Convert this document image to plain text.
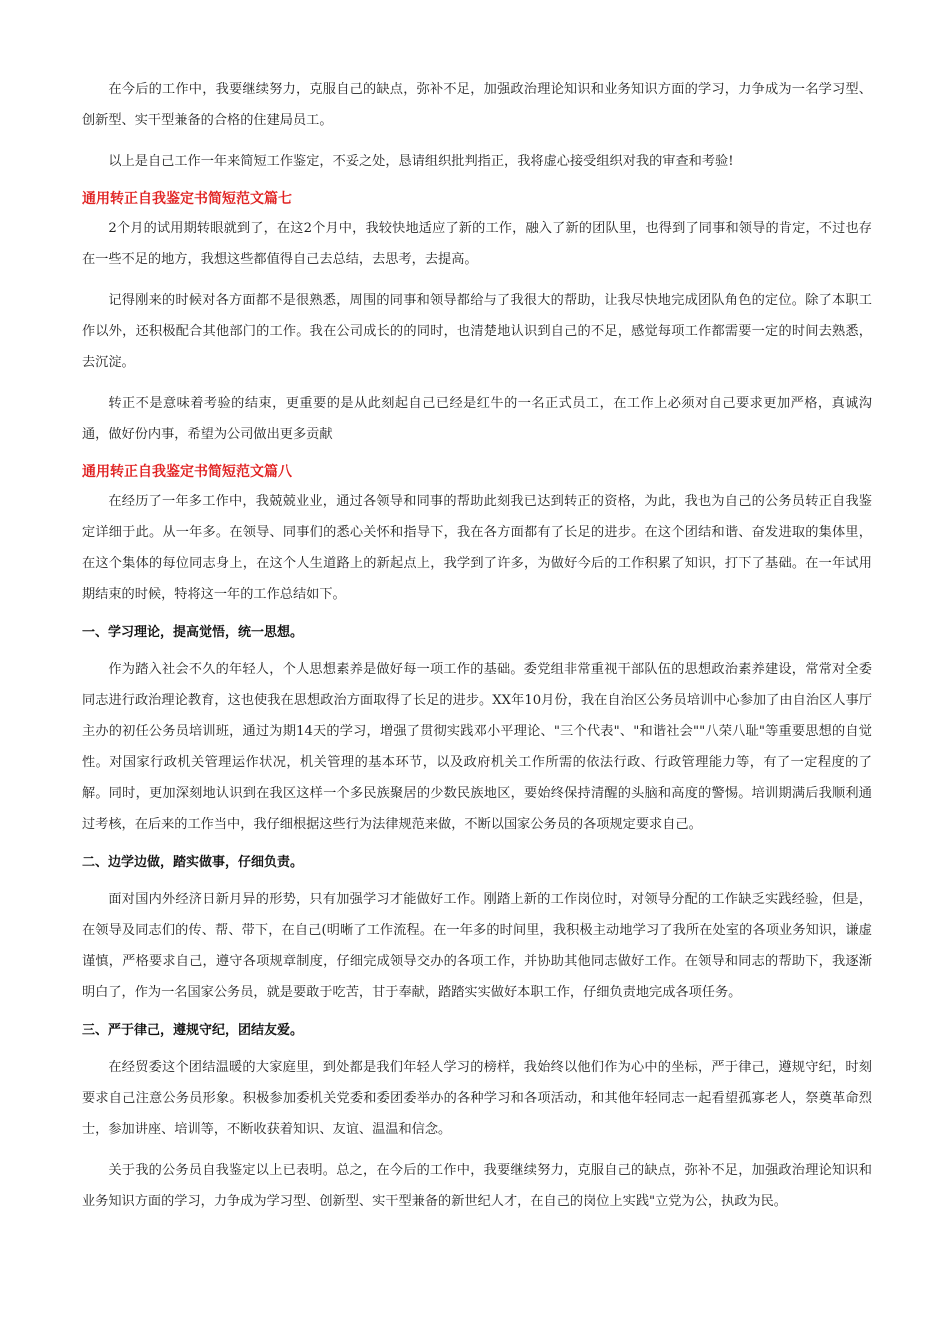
在今后的工作中，我要继续努力，克服自己的缺点，弥补不足，加强政治理论知识和业务知识方面的学习，力争成为一名学习型、创新型、实干型兼备的合格的住建局员工。

以上是自己工作一年来简短工作鉴定，不妥之处，恳请组织批判指正，我将虚心接受组织对我的审查和考验!

通用转正自我鉴定书简短范文篇七

2个月的试用期转眼就到了，在这2个月中，我较快地适应了新的工作，融入了新的团队里，也得到了同事和领导的肯定，不过也存在一些不足的地方，我想这些都值得自己去总结，去思考，去提高。

记得刚来的时候对各方面都不是很熟悉，周围的同事和领导都给与了我很大的帮助，让我尽快地完成团队角色的定位。除了本职工作以外，还积极配合其他部门的工作。我在公司成长的的同时，也清楚地认识到自己的不足，感觉每项工作都需要一定的时间去熟悉，去沉淀。

转正不是意味着考验的结束，更重要的是从此刻起自己已经是红牛的一名正式员工，在工作上必须对自己要求更加严格，真诚沟通，做好份内事，希望为公司做出更多贡献

通用转正自我鉴定书简短范文篇八

在经历了一年多工作中，我兢兢业业，通过各领导和同事的帮助此刻我已达到转正的资格，为此，我也为自己的公务员转正自我鉴定详细于此。从一年多。在领导、同事们的悉心关怀和指导下，我在各方面都有了长足的进步。在这个团结和谐、奋发进取的集体里，在这个集体的每位同志身上，在这个人生道路上的新起点上，我学到了许多，为做好今后的工作积累了知识，打下了基础。在一年试用期结束的时候，特将这一年的工作总结如下。

一、学习理论，提高觉悟，统一思想。

作为踏入社会不久的年轻人，个人思想素养是做好每一项工作的基础。委党组非常重视干部队伍的思想政治素养建设，常常对全委同志进行政治理论教育，这也使我在思想政治方面取得了长足的进步。XX年10月份，我在自治区公务员培训中心参加了由自治区人事厅主办的初任公务员培训班，通过为期14天的学习，增强了贯彻实践邓小平理论、"三个代表"、"和谐社会""八荣八耻"等重要思想的自觉性。对国家行政机关管理运作状况，机关管理的基本环节，以及政府机关工作所需的依法行政、行政管理能力等，有了一定程度的了解。同时，更加深刻地认识到在我区这样一个多民族聚居的少数民族地区，要始终保持清醒的头脑和高度的警惕。培训期满后我顺利通过考核，在后来的工作当中，我仔细根据这些行为法律规范来做，不断以国家公务员的各项规定要求自己。

二、边学边做，踏实做事，仔细负责。

面对国内外经济日新月异的形势，只有加强学习才能做好工作。刚踏上新的工作岗位时，对领导分配的工作缺乏实践经验，但是，在领导及同志们的传、帮、带下，在自己(明晰了工作流程。在一年多的时间里，我积极主动地学习了我所在处室的各项业务知识，谦虚谨慎，严格要求自己，遵守各项规章制度，仔细完成领导交办的各项工作，并协助其他同志做好工作。在领导和同志的帮助下，我逐渐明白了，作为一名国家公务员，就是要敢于吃苦，甘于奉献，踏踏实实做好本职工作，仔细负责地完成各项任务。

三、严于律己，遵规守纪，团结友爱。

在经贸委这个团结温暖的大家庭里，到处都是我们年轻人学习的榜样，我始终以他们作为心中的坐标，严于律己，遵规守纪，时刻要求自己注意公务员形象。积极参加委机关党委和委团委举办的各种学习和各项活动，和其他年轻同志一起看望孤寡老人，祭奠革命烈士，参加讲座、培训等，不断收获着知识、友谊、温温和信念。

关于我的公务员自我鉴定以上已表明。总之，在今后的工作中，我要继续努力，克服自己的缺点，弥补不足，加强政治理论知识和业务知识方面的学习，力争成为学习型、创新型、实干型兼备的新世纪人才，在自己的岗位上实践"立党为公，执政为民。
